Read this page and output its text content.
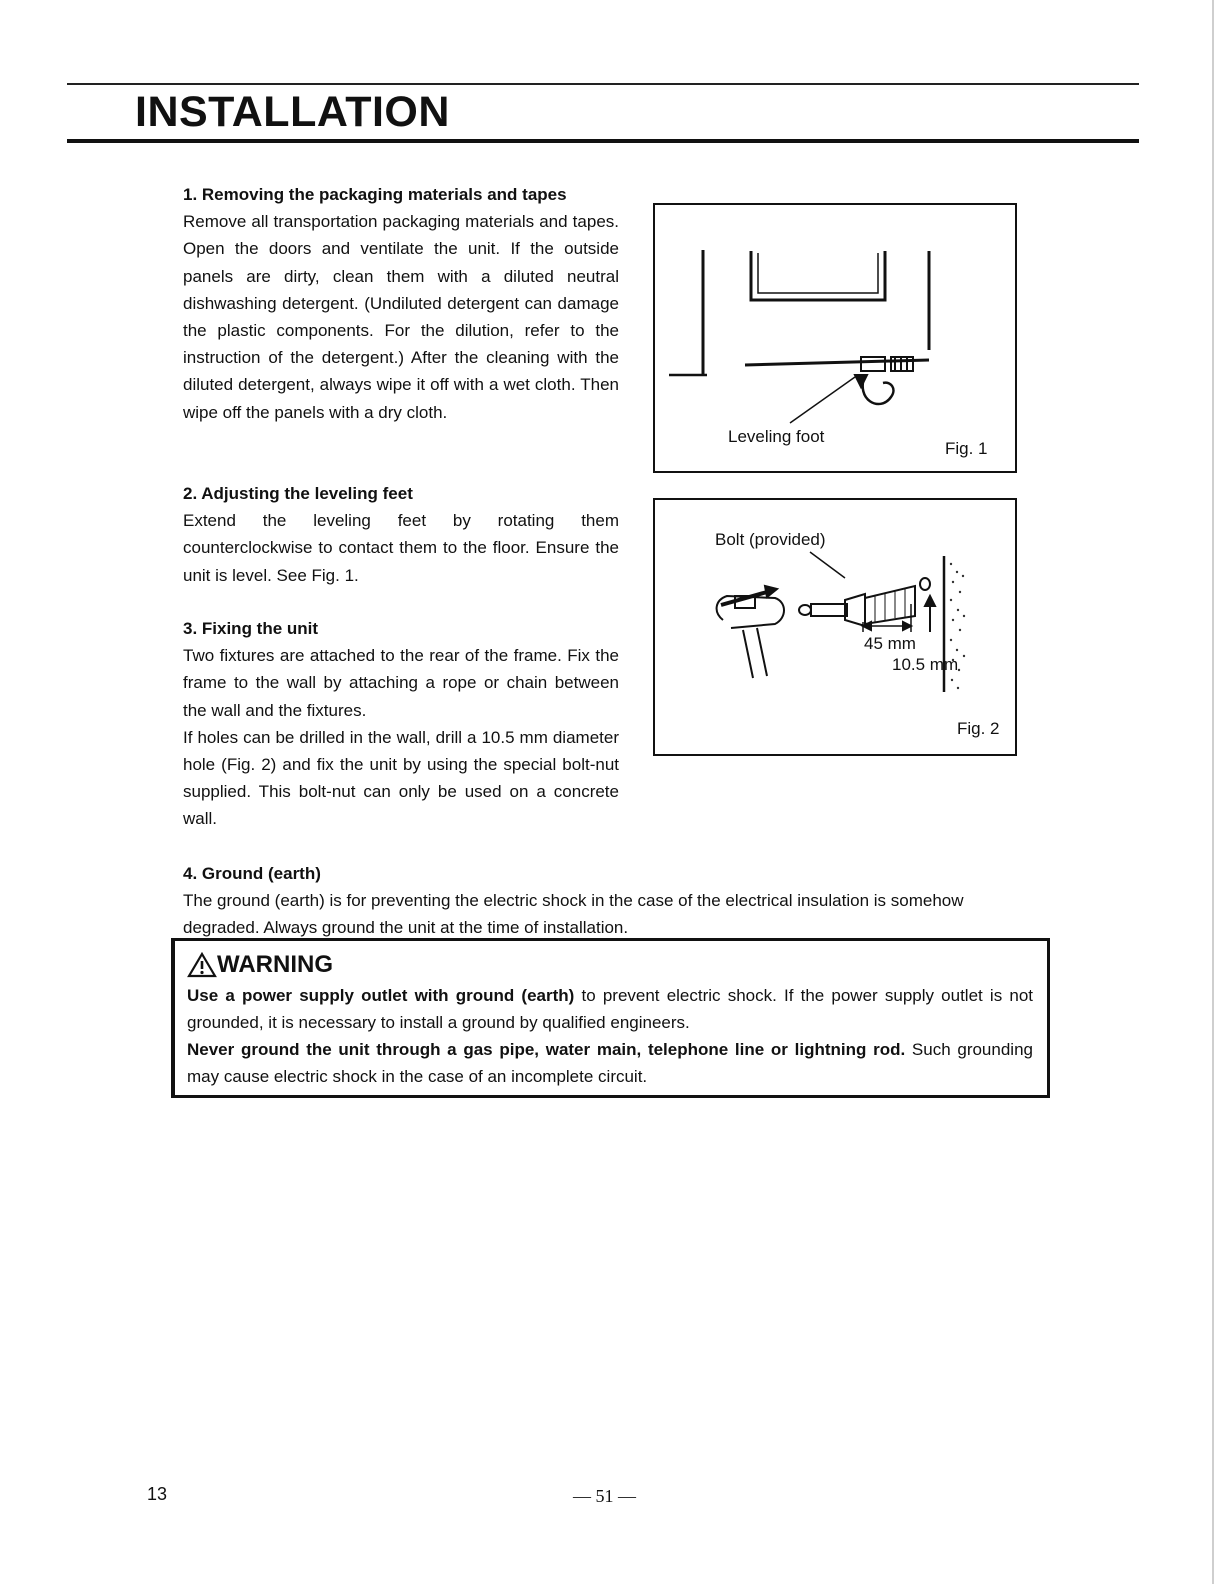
INSTALLATION
1. Removing the packaging materials and tapes

Remove all transportation packaging materials and tapes. Open the doors and ventilate the unit. If the outside panels are dirty, clean them with a diluted neutral dishwashing detergent. (Undiluted detergent can damage the plastic components. For the dilution, refer to the instruction of the detergent.) After the cleaning with the diluted detergent, always wipe it off with a wet cloth. Then wipe off the panels with a dry cloth.

2. Adjusting the leveling feet

Extend the leveling feet by rotating them counterclockwise to contact them to the floor. Ensure the unit is level. See Fig. 1.

3. Fixing the unit

Two fixtures are attached to the rear of the frame. Fix the frame to the wall by attaching a rope or chain between the wall and the fixtures.

If holes can be drilled in the wall, drill a 10.5 mm diameter hole (Fig. 2) and fix the unit by using the special bolt-nut supplied. This bolt-nut can only be used on a concrete wall.

4. Ground (earth)

The ground (earth) is for preventing the electric shock in the case of the electrical insulation is somehow degraded. Always ground the unit at the time of installation.

Leveling foot
Fig. 1
Bolt (provided)
45 mm
10.5 mm
Fig. 2
WARNING

Use a power supply outlet with ground (earth) to prevent electric shock. If the power supply outlet is not grounded, it is necessary to install a ground by qualified engineers.

Never ground the unit through a gas pipe, water main, telephone line or lightning rod. Such grounding may cause electric shock in the case of an incomplete circuit.

13	— 51 —
